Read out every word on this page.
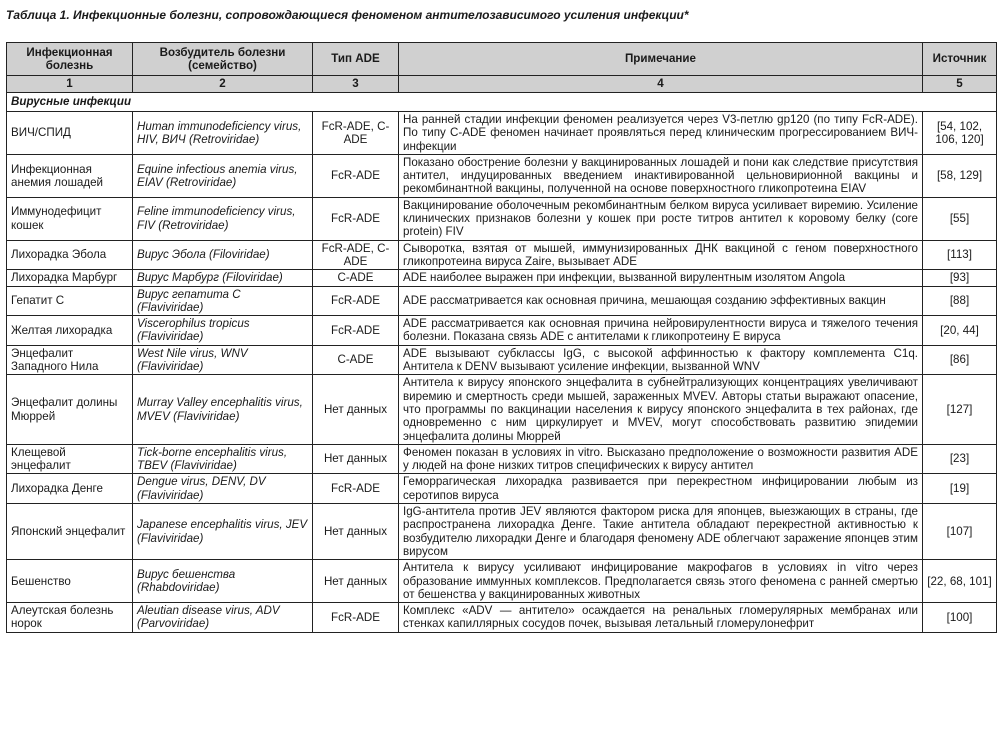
Таблица 1. Инфекционные болезни, сопровождающиеся феноменом антителозависимого усиления инфекции*
Инфекционная болезнь	Возбудитель болезни (семейство)	Тип ADE	Примечание	Источник
1	2	3	4	5
Вирусные инфекции				
ВИЧ/СПИД	Human immunodeficiency virus, HIV, ВИЧ (Retroviridae)	FcR-ADE, C-ADE	На ранней стадии инфекции феномен реализуется через V3-петлю gp120 (по типу FcR-ADE). По типу C-ADE феномен начинает проявляться перед клиническим прогрессированием ВИЧ-инфекции	[54, 102, 106, 120]
Инфекционная анемия лошадей	Equine infectious anemia virus, EIAV (Retroviridae)	FcR-ADE	Показано обострение болезни у вакцинированных лошадей и пони как следствие присутствия антител, индуцированных введением инактивированной цельновирионной вакцины и рекомбинантной вакцины, полученной на основе поверхностного гликопротеина EIAV	[58, 129]
Иммунодефицит кошек	Feline immunodeficiency virus, FIV (Retroviridae)	FcR-ADE	Вакцинирование оболочечным рекомбинантным белком вируса усиливает виремию. Усиление клинических признаков болезни у кошек при росте титров антител к коровому белку (core protein) FIV	[55]
Лихорадка Эбола	Вирус Эбола (Filoviridae)	FcR-ADE, C-ADE	Сыворотка, взятая от мышей, иммунизированных ДНК вакциной с геном поверхностного гликопротеина вируса Zaire, вызывает ADE	[113]
Лихорадка Марбург	Вирус Марбург (Filoviridae)	C-ADE	ADE наиболее выражен при инфекции, вызванной вирулентным изолятом Angola	[93]
Гепатит С	Вирус гепатита С (Flaviviridae)	FcR-ADE	ADE рассматривается как основная причина, мешающая созданию эффективных вакцин	[88]
Желтая лихорадка	Viscerophilus tropicus (Flaviviridae)	FcR-ADE	ADE рассматривается как основная причина нейровирулентности вируса и тяжелого течения болезни. Показана связь ADE с антителами к гликопротеину E вируса	[20, 44]
Энцефалит Западного Нила	West Nile virus, WNV (Flaviviridae)	C-ADE	ADE вызывают субклассы IgG, с высокой аффинностью к фактору комплемента C1q. Антитела к DENV вызывают усиление инфекции, вызванной WNV	[86]
Энцефалит долины Мюррей	Murray Valley encephalitis virus, MVEV (Flaviviridae)	Нет данных	Антитела к вирусу японского энцефалита в субнейтрализующих концентрациях увеличивают виремию и смертность среди мышей, зараженных MVEV. Авторы статьи выражают опасение, что программы по вакцинации населения к вирусу японского энцефалита в тех районах, где одновременно с ним циркулирует и MVEV, могут способствовать развитию эпидемии энцефалита долины Мюррей	[127]
Клещевой энцефалит	Tick-borne encephalitis virus, TBEV (Flaviviridae)	Нет данных	Феномен показан в условиях in vitro. Высказано предположение о возможности развития ADE у людей на фоне низких титров специфических к вирусу антител	[23]
Лихорадка Денге	Dengue virus, DENV, DV (Flaviviridae)	FcR-ADE	Геморрагическая лихорадка развивается при перекрестном инфицировании любым из серотипов вируса	[19]
Японский энцефалит	Japanese encephalitis virus, JEV (Flaviviridae)	Нет данных	IgG-антитела против JEV являются фактором риска для японцев, выезжающих в страны, где распространена лихорадка Денге. Такие антитела обладают перекрестной активностью к возбудителю лихорадки Денге и благодаря феномену ADE облегчают заражение японцев этим вирусом	[107]
Бешенство	Вирус бешенства (Rhabdoviridae)	Нет данных	Антитела к вирусу усиливают инфицирование макрофагов в условиях in vitro через образование иммунных комплексов. Предполагается связь этого феномена с ранней смертью от бешенства у вакцинированных животных	[22, 68, 101]
Алеутская болезнь норок	Aleutian disease virus, ADV (Parvoviridae)	FcR-ADE	Комплекс «ADV — антитело» осаждается на ренальных гломерулярных мембранах или стенках капиллярных сосудов почек, вызывая летальный гломерулонефрит	[100]
